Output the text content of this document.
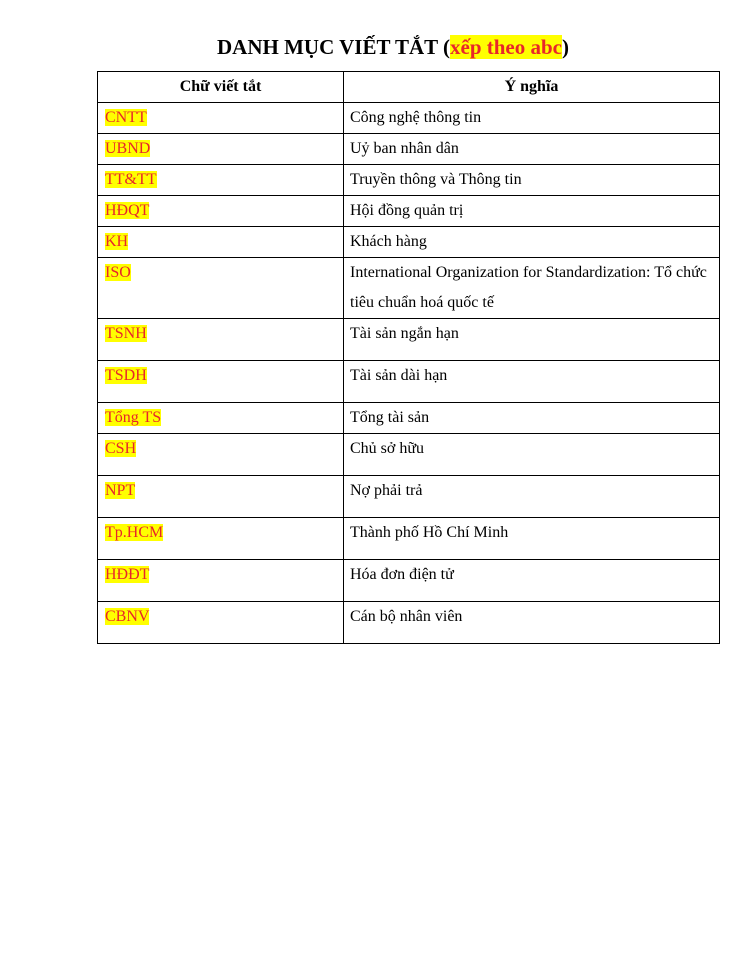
DANH MỤC VIẾT TẮT (xếp theo abc)
Chữ viết tắt	Ý nghĩa
CNTT	Công nghệ thông tin
UBND	Uỷ ban nhân dân
TT&TT	Truyền thông và Thông tin
HĐQT	Hội đồng quản trị
KH	Khách hàng
ISO	International Organization for Standardization: Tổ chức tiêu chuẩn hoá quốc tế
TSNH	Tài sản ngắn hạn
TSDH	Tài sản dài hạn
Tổng TS	Tổng tài sản
CSH	Chủ sở hữu
NPT	Nợ phải trả
Tp.HCM	Thành phố Hồ Chí Minh
HĐĐT	Hóa đơn điện tử
CBNV	Cán bộ nhân viên
